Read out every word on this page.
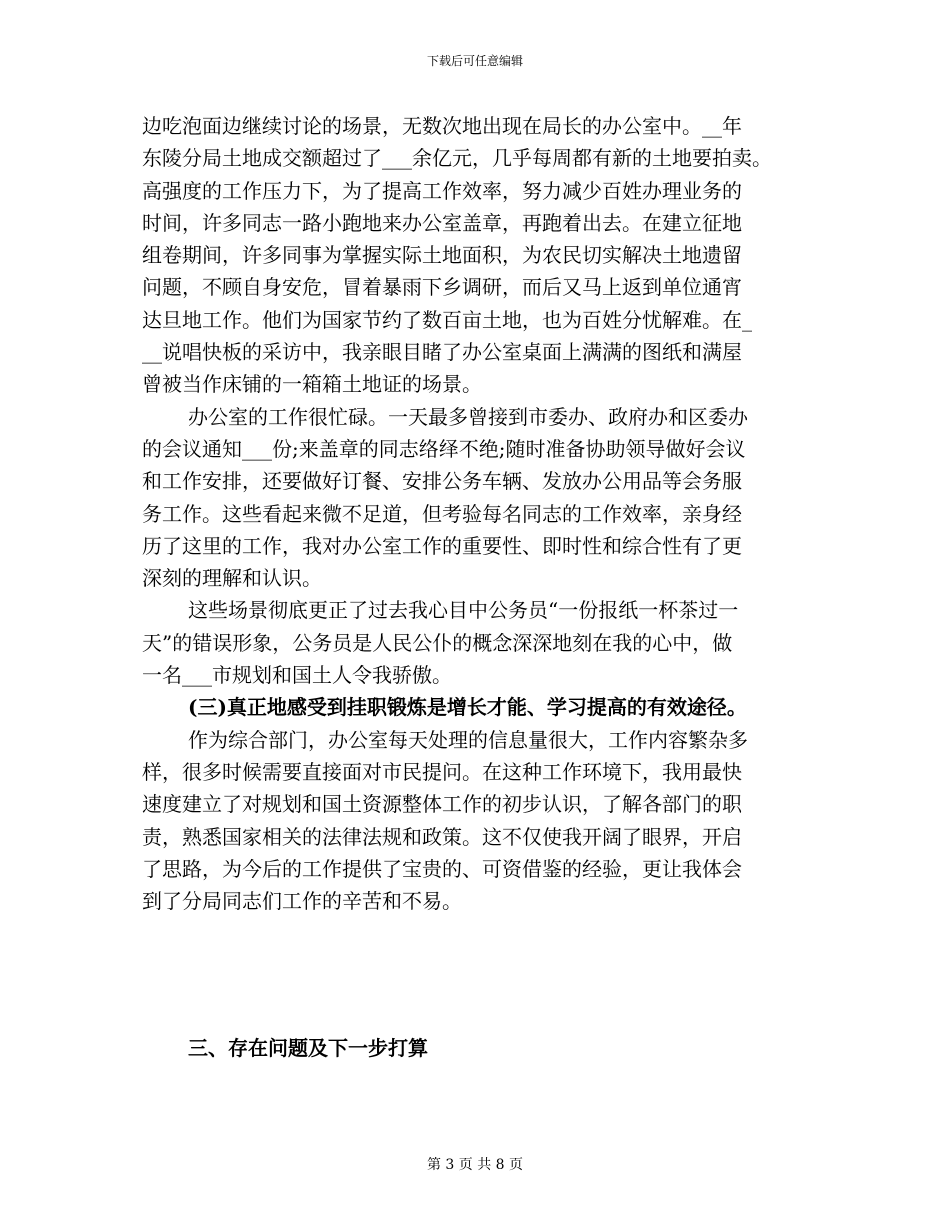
下载后可任意编辑
边吃泡面边继续讨论的场景，无数次地出现在局长的办公室中。__年
东陵分局土地成交额超过了___余亿元，几乎每周都有新的土地要拍卖。
高强度的工作压力下，为了提高工作效率，努力减少百姓办理业务的
时间，许多同志一路小跑地来办公室盖章，再跑着出去。在建立征地
组卷期间，许多同事为掌握实际土地面积，为农民切实解决土地遗留
问题，不顾自身安危，冒着暴雨下乡调研，而后又马上返到单位通宵
达旦地工作。他们为国家节约了数百亩土地，也为百姓分忧解难。在_
__说唱快板的采访中，我亲眼目睹了办公室桌面上满满的图纸和满屋
曾被当作床铺的一箱箱土地证的场景。
办公室的工作很忙碌。一天最多曾接到市委办、政府办和区委办
的会议通知___份;来盖章的同志络绎不绝;随时准备协助领导做好会议
和工作安排，还要做好订餐、安排公务车辆、发放办公用品等会务服
务工作。这些看起来微不足道，但考验每名同志的工作效率，亲身经
历了这里的工作，我对办公室工作的重要性、即时性和综合性有了更
深刻的理解和认识。
这些场景彻底更正了过去我心目中公务员“一份报纸一杯茶过一
天”的错误形象，公务员是人民公仆的概念深深地刻在我的心中，做
一名___市规划和国土人令我骄傲。
(三)真正地感受到挂职锻炼是增长才能、学习提高的有效途径。
作为综合部门，办公室每天处理的信息量很大，工作内容繁杂多
样，很多时候需要直接面对市民提问。在这种工作环境下，我用最快
速度建立了对规划和国土资源整体工作的初步认识，了解各部门的职
责，熟悉国家相关的法律法规和政策。这不仅使我开阔了眼界，开启
了思路，为今后的工作提供了宝贵的、可资借鉴的经验，更让我体会
到了分局同志们工作的辛苦和不易。
三、存在问题及下一步打算
第 3 页 共 8 页
